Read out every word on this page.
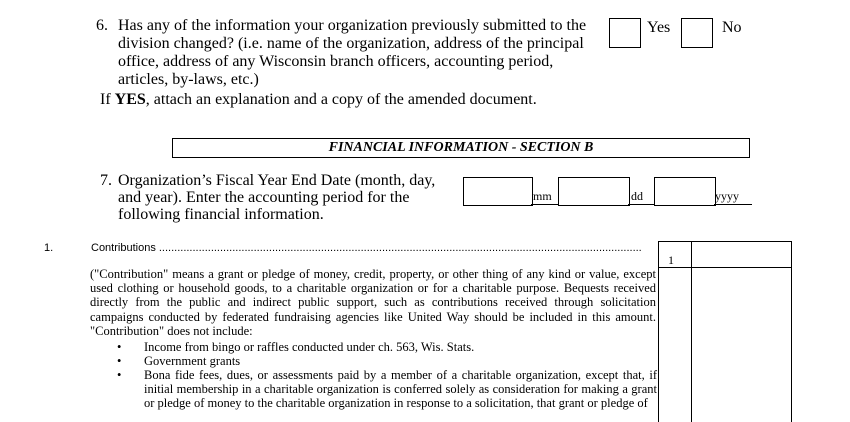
6. Has any of the information your organization previously submitted to the division changed? (i.e. name of the organization, address of the principal office, address of any Wisconsin branch officers, accounting period, articles, by-laws, etc.)
Yes	No
If YES, attach an explanation and a copy of the amended document.
FINANCIAL INFORMATION - SECTION B
7. Organization’s Fiscal Year End Date (month, day, and year). Enter the accounting period for the following financial information.
mm	dd	yyyy
1.	Contributions ..............................................................................................................................................................
("Contribution" means a grant or pledge of money, credit, property, or other thing of any kind or value, except used clothing or household goods, to a charitable organization or for a charitable purpose. Bequests received directly from the public and indirect public support, such as contributions received through solicitation campaigns conducted by federated fundraising agencies like United Way should be included in this amount. "Contribution" does not include:
• Income from bingo or raffles conducted under ch. 563, Wis. Stats.
• Government grants
• Bona fide fees, dues, or assessments paid by a member of a charitable organization, except that, if initial membership in a charitable organization is conferred solely as consideration for making a grant or pledge of money to the charitable organization in response to a solicitation, that grant or pledge of
1
